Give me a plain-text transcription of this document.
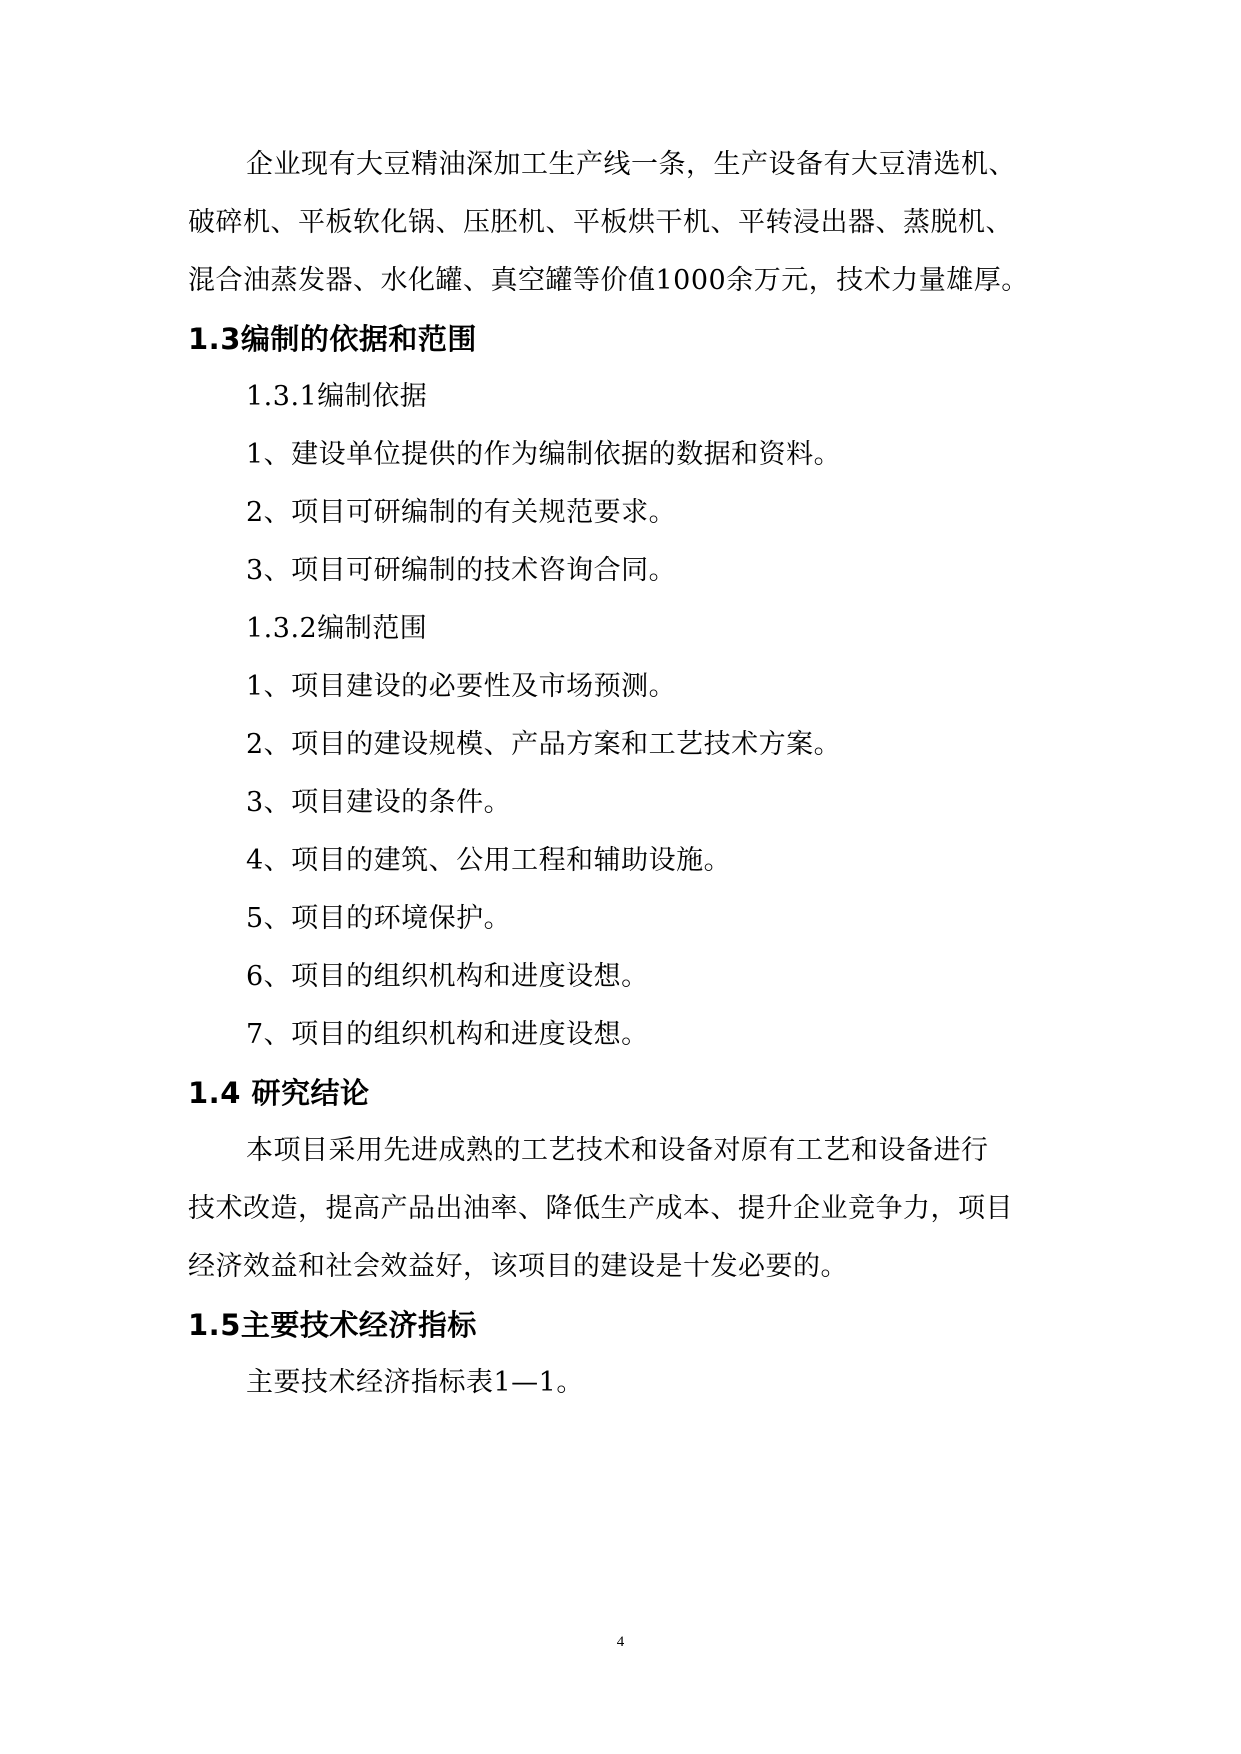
企业现有大豆精油深加工生产线一条，生产设备有大豆清选机、
破碎机、平板软化锅、压胚机、平板烘干机、平转浸出器、蒸脱机、
混合油蒸发器、水化罐、真空罐等价值1000余万元，技术力量雄厚。
1.3编制的依据和范围
1.3.1编制依据
1、建设单位提供的作为编制依据的数据和资料。
2、项目可研编制的有关规范要求。
3、项目可研编制的技术咨询合同。
1.3.2编制范围
1、项目建设的必要性及市场预测。
2、项目的建设规模、产品方案和工艺技术方案。
3、项目建设的条件。
4、项目的建筑、公用工程和辅助设施。
5、项目的环境保护。
6、项目的组织机构和进度设想。
7、项目的组织机构和进度设想。
1.4 研究结论
本项目采用先进成熟的工艺技术和设备对原有工艺和设备进行
技术改造，提高产品出油率、降低生产成本、提升企业竞争力，项目
经济效益和社会效益好，该项目的建设是十发必要的。
1.5主要技术经济指标
主要技术经济指标表1—1。
4
